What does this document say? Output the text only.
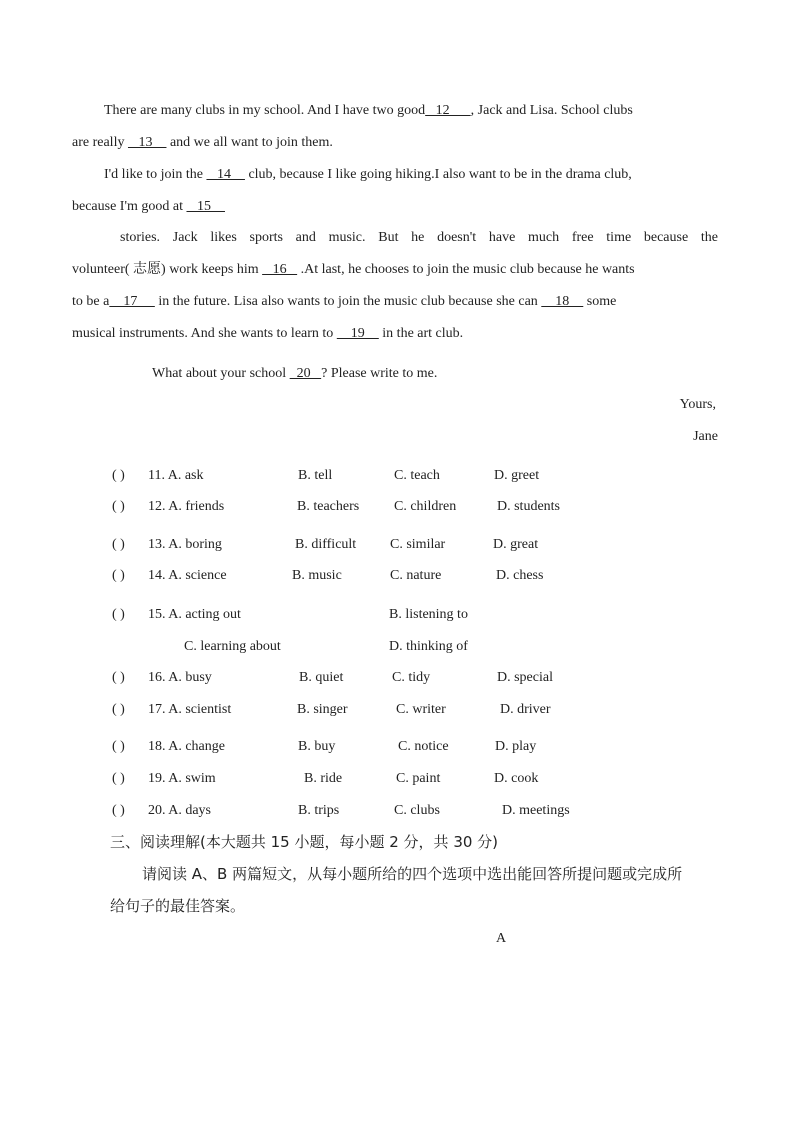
There are many clubs in my school. And I have two good   12      , Jack and Lisa. School clubs
are really    13     and we all want to join them.
I'd like to join the    14     club, because I like going hiking.I also want to be in the drama club,
because I'm good at    15
stories. Jack likes sports and music. But he doesn't have much free time because the
volunteer( 志愿) work keeps him    16    .At last, he chooses to join the music club because he wants
to be a    17      in the future. Lisa also wants to join the music club because she can     18     some
musical instruments. And she wants to learn to     19     in the art club.
What about your school   20   ? Please write to me.
Yours,
Jane
( ) 11. A. ask	B. tell	C. teach	D. greet
( ) 12. A. friends	B. teachers C. children	D. students
( ) 13. A. boring	B. difficult C. similar	D. great
( ) 14. A. science	B. music	C. nature	D. chess
( ) 15. A. acting out	B. listening to
C. learning about	D. thinking of
( ) 16. A. busy	B. quiet	C. tidy	D. special
( ) 17. A. scientist	B. singer	C. writer	D. driver
( ) 18. A. change	B. buy	C. notice	D. play
( ) 19. A. swim	B. ride	C. paint	D. cook
( ) 20. A. days	B. trips	C. clubs	D. meetings
三、阅读理解(本大题共 15 小题，每小题 2 分，共 30 分)
请阅读 A、B 两篇短文，从每小题所给的四个选项中选出能回答所提问题或完成所
给句子的最佳答案。
A
